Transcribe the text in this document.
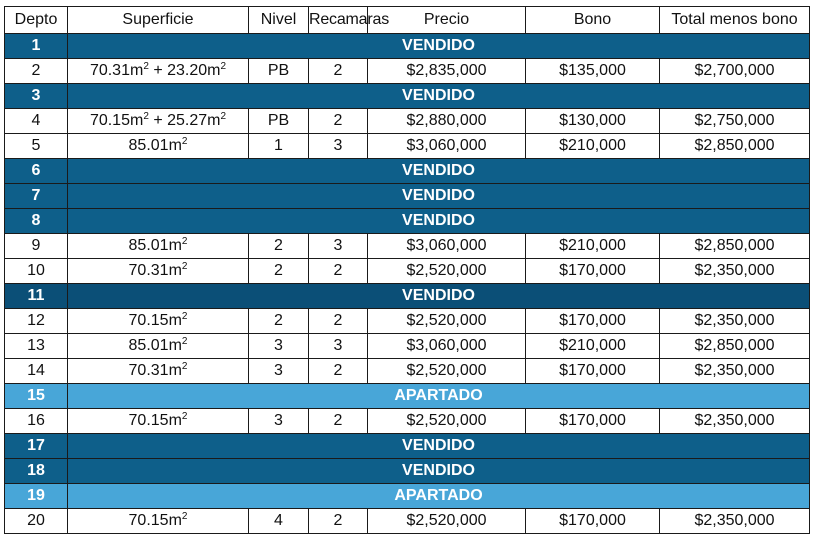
Depto	Superficie	Nivel	Recamaras	Precio	Bono	Total menos bono
1	VENDIDO					
2	$70.31m^2 + 23.20m^2$	PB	2	$2,835,000	$135,000	$2,700,000
3	VENDIDO					
4	$70.15m^2 + 25.27m^2$	PB	2	$2,880,000	$130,000	$2,750,000
5	$85.01m^2$	1	3	$3,060,000	$210,000	$2,850,000
6	VENDIDO					
7	VENDIDO					
8	VENDIDO					
9	$85.01m^2$	2	3	$3,060,000	$210,000	$2,850,000
10	$70.31m^2$	2	2	$2,520,000	$170,000	$2,350,000
11	VENDIDO					
12	$70.15m^2$	2	2	$2,520,000	$170,000	$2,350,000
13	$85.01m^2$	3	3	$3,060,000	$210,000	$2,850,000
14	$70.31m^2$	3	2	$2,520,000	$170,000	$2,350,000
15	APARTADO					
16	$70.15m^2$	3	2	$2,520,000	$170,000	$2,350,000
17	VENDIDO					
18	VENDIDO					
19	APARTADO					
20	$70.15m^2$	4	2	$2,520,000	$170,000	$2,350,000
